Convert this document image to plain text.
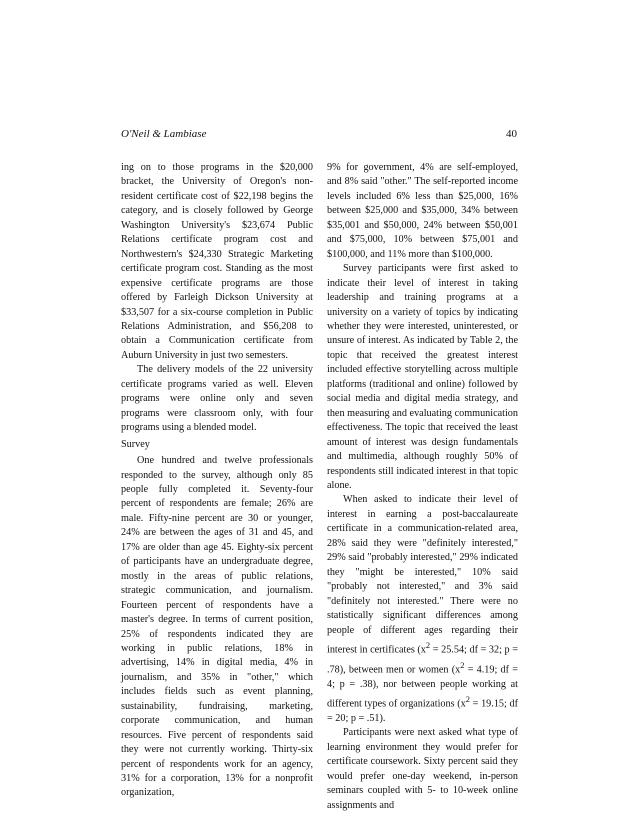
O'Neil & Lambiase	40

ing on to those programs in the $20,000 bracket, the University of Oregon's non-resident certificate cost of $22,198 begins the category, and is closely followed by George Washington University's $23,674 Public Relations certificate program cost and Northwestern's $24,330 Strategic Marketing certificate program cost. Standing as the most expensive certificate programs are those offered by Farleigh Dickson University at $33,507 for a six-course completion in Public Relations Administration, and $56,208 to obtain a Communication certificate from Auburn University in just two semesters.

The delivery models of the 22 university certificate programs varied as well. Eleven programs were online only and seven programs were classroom only, with four programs using a blended model.

Survey

One hundred and twelve professionals responded to the survey, although only 85 people fully completed it. Seventy-four percent of respondents are female; 26% are male. Fifty-nine percent are 30 or younger, 24% are between the ages of 31 and 45, and 17% are older than age 45. Eighty-six percent of participants have an undergraduate degree, mostly in the areas of public relations, strategic communication, and journalism. Fourteen percent of respondents have a master's degree. In terms of current position, 25% of respondents indicated they are working in public relations, 18% in advertising, 14% in digital media, 4% in journalism, and 35% in "other," which includes fields such as event planning, sustainability, fundraising, marketing, corporate communication, and human resources. Five percent of respondents said they were not currently working. Thirty-six percent of respondents work for an agency, 31% for a corporation, 13% for a nonprofit organization,

9% for government, 4% are self-employed, and 8% said "other." The self-reported income levels included 6% less than $25,000, 16% between $25,000 and $35,000, 34% between $35,001 and $50,000, 24% between $50,001 and $75,000, 10% between $75,001 and $100,000, and 11% more than $100,000.

Survey participants were first asked to indicate their level of interest in taking leadership and training programs at a university on a variety of topics by indicating whether they were interested, uninterested, or unsure of interest. As indicated by Table 2, the topic that received the greatest interest included effective storytelling across multiple platforms (traditional and online) followed by social media and digital media strategy, and then measuring and evaluating communication effectiveness. The topic that received the least amount of interest was design fundamentals and multimedia, although roughly 50% of respondents still indicated interest in that topic alone.

When asked to indicate their level of interest in earning a post-baccalaureate certificate in a communication-related area, 28% said they were "definitely interested," 29% said "probably interested," 29% indicated they "might be interested," 10% said "probably not interested," and 3% said "definitely not interested." There were no statistically significant differences among people of different ages regarding their interest in certificates ($x^2 = 25.54$; df = 32; p = .78), between men or women ($x^2 = 4.19$; df = 4; p = .38), nor between people working at different types of organizations ($x^2 = 19.15$; df = 20; p = .51).

Participants were next asked what type of learning environment they would prefer for certificate coursework. Sixty percent said they would prefer one-day weekend, in-person seminars coupled with 5- to 10-week online assignments and
